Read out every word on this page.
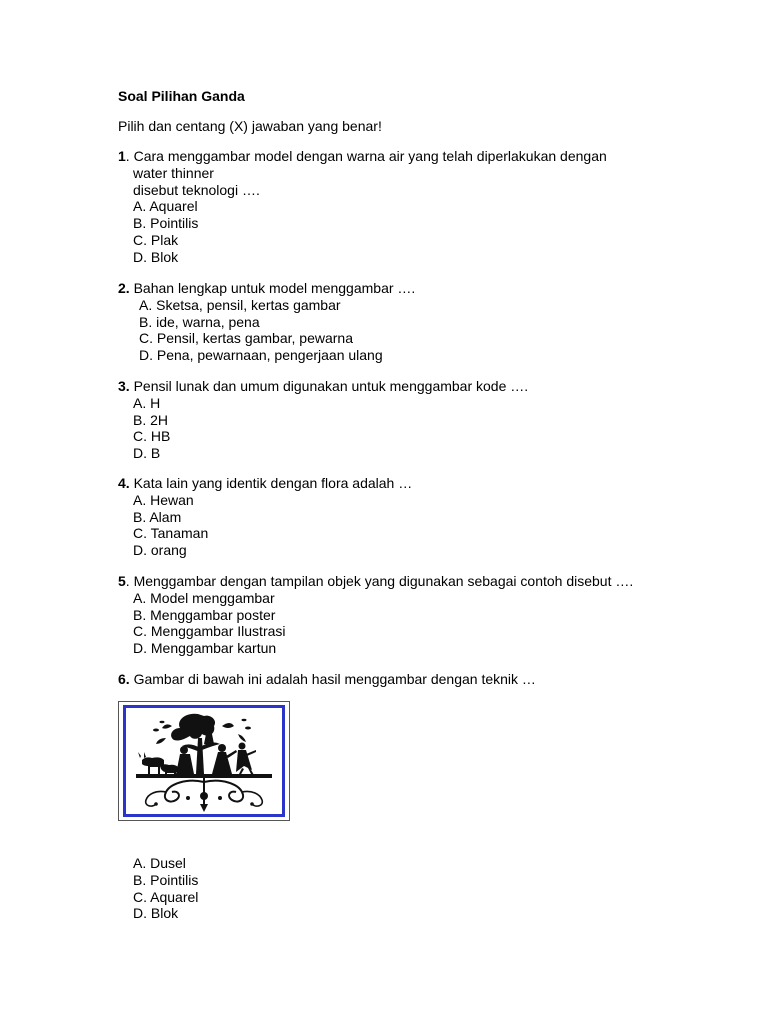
Soal Pilihan Ganda
Pilih dan centang (X) jawaban yang benar!
1. Cara menggambar model dengan warna air yang telah diperlakukan dengan
water thinner
disebut teknologi ….
A. Aquarel
B. Pointilis
C. Plak
D. Blok
2. Bahan lengkap untuk model menggambar ….
A. Sketsa, pensil, kertas gambar
B. ide, warna, pena
C. Pensil, kertas gambar, pewarna
D. Pena, pewarnaan, pengerjaan ulang
3. Pensil lunak dan umum digunakan untuk menggambar kode ….
A. H
B. 2H
C. HB
D. B
4. Kata lain yang identik dengan flora adalah …
A. Hewan
B. Alam
C. Tanaman
D. orang
5. Menggambar dengan tampilan objek yang digunakan sebagai contoh disebut ….
A. Model menggambar
B. Menggambar poster
C. Menggambar Ilustrasi
D. Menggambar kartun
6. Gambar di bawah ini adalah hasil menggambar dengan teknik …
A. Dusel
B. Pointilis
C. Aquarel
D. Blok
